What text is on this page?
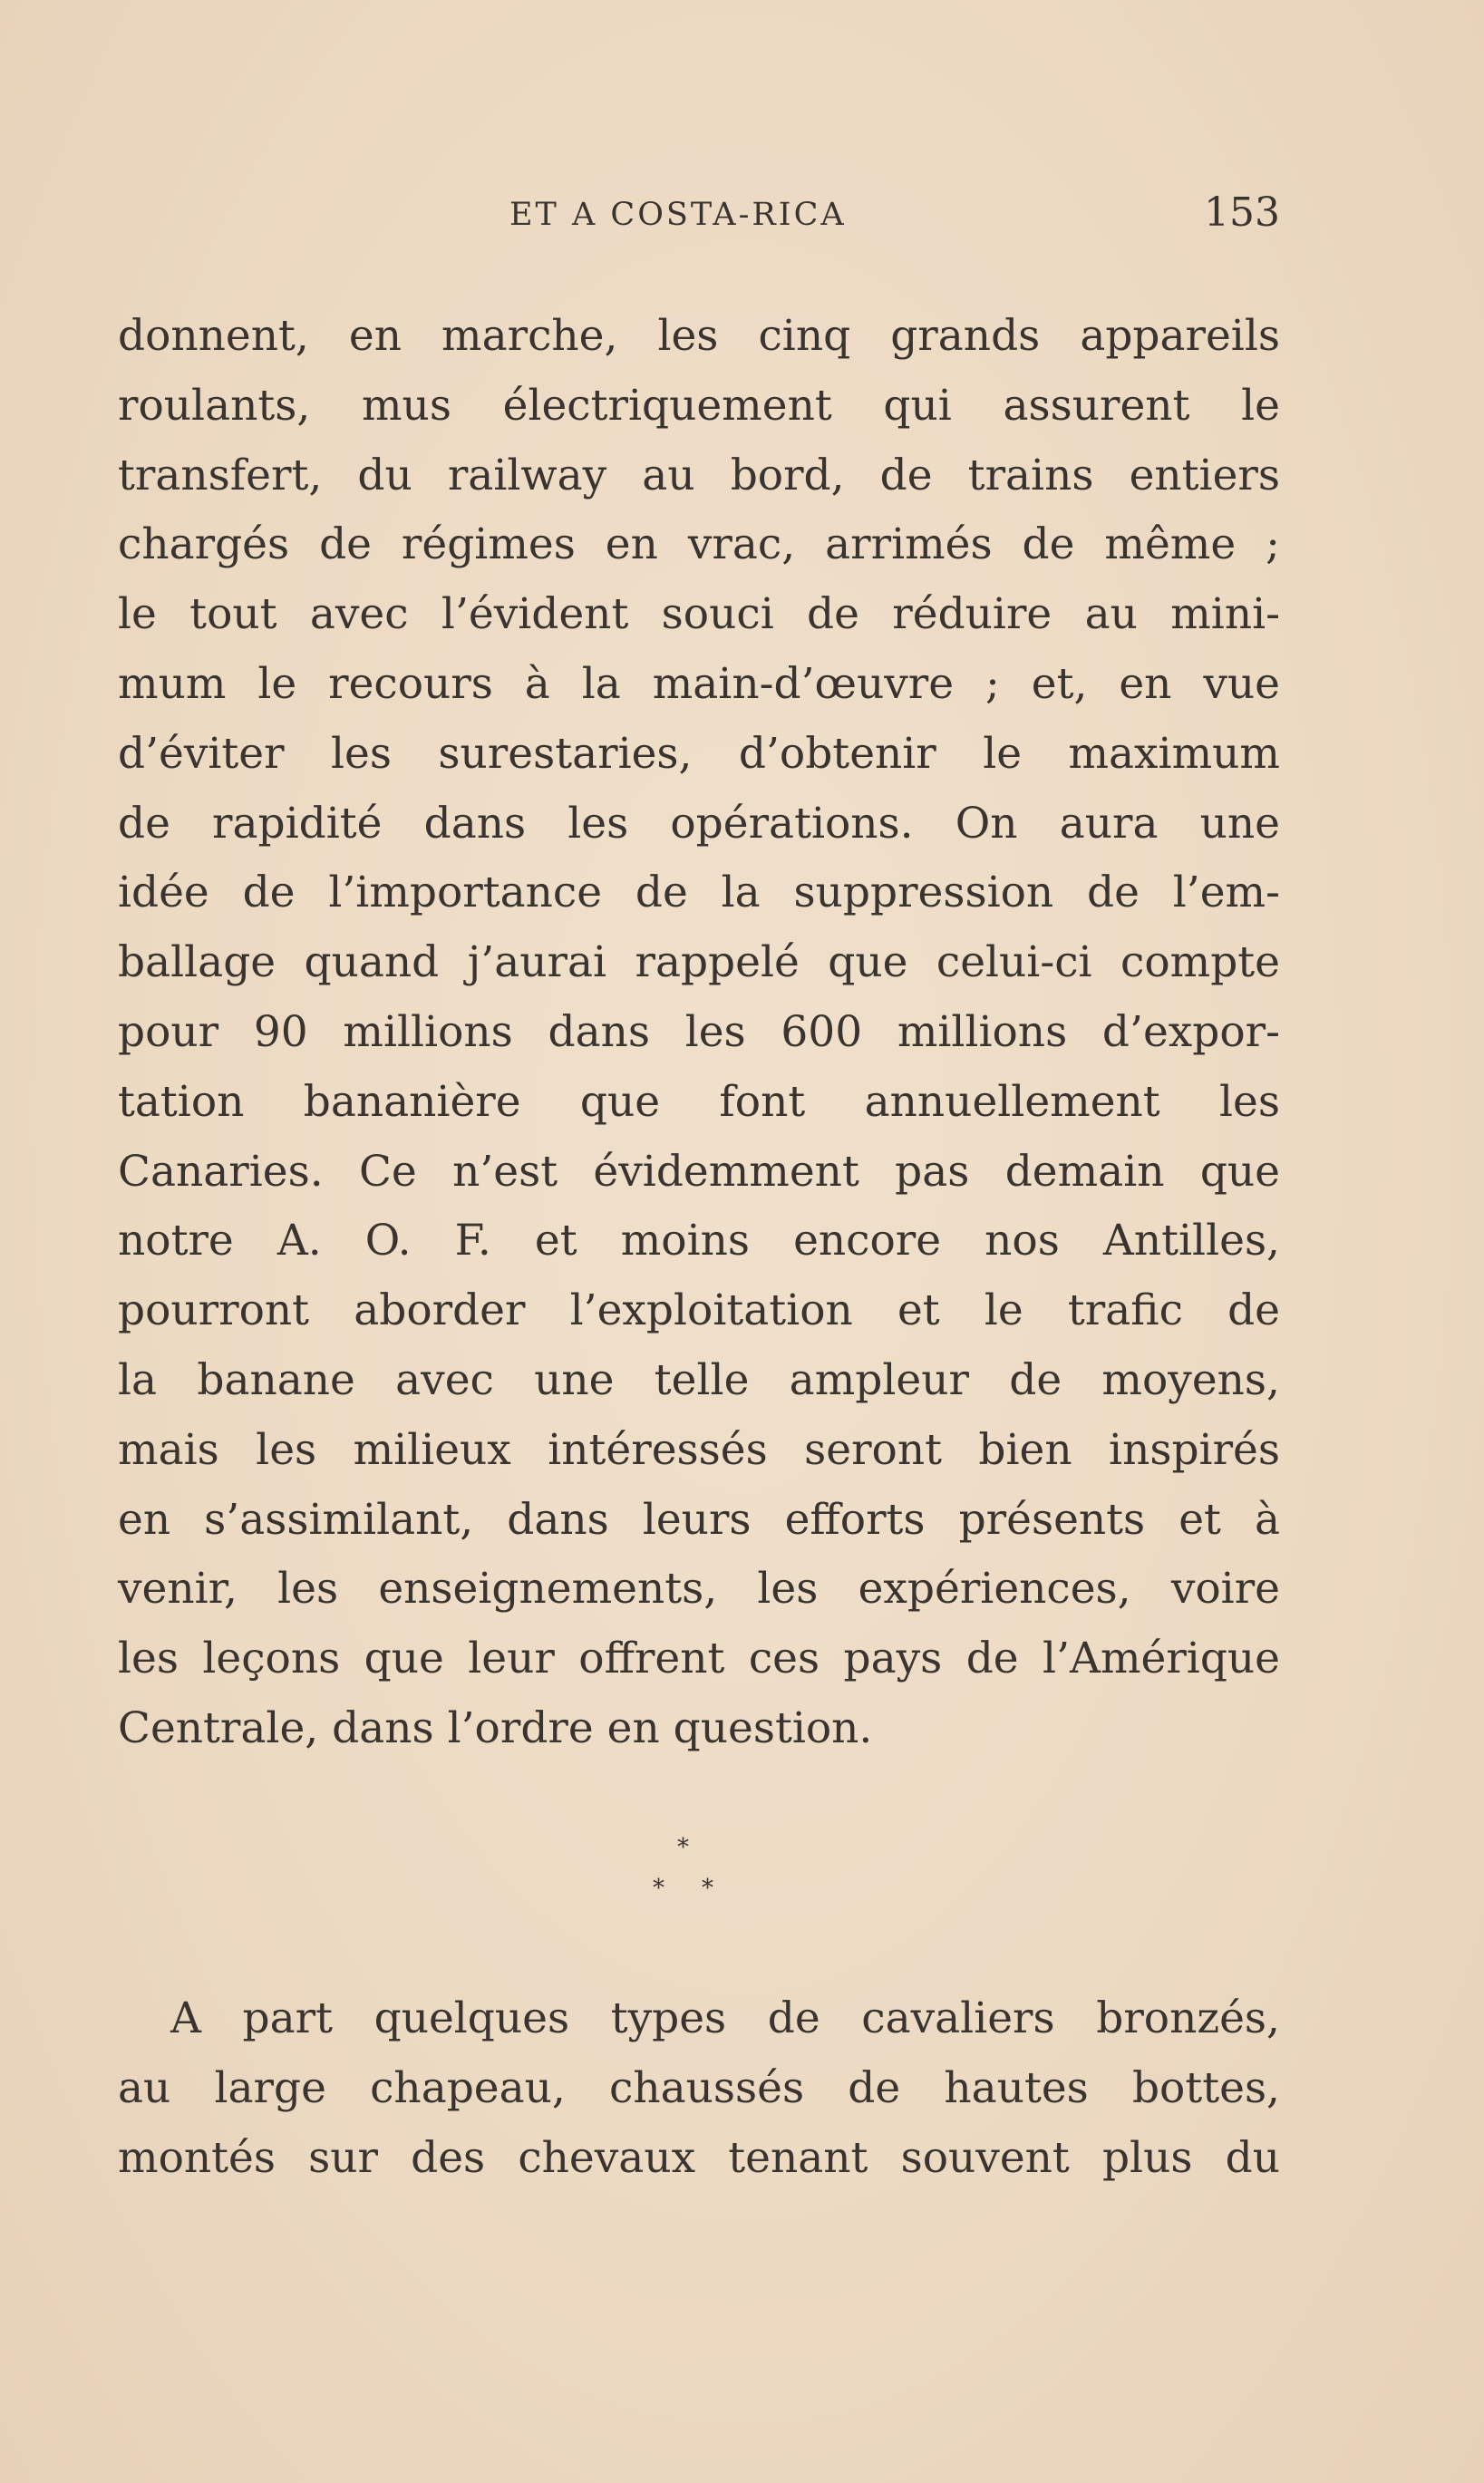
ET A COSTA-RICA	153
donnent, en marche, les cinq grands appareils
roulants, mus électriquement qui assurent le
transfert, du railway au bord, de trains entiers
chargés de régimes en vrac, arrimés de même ;
le tout avec l’évident souci de réduire au mini-
mum le recours à la main-d’œuvre ; et, en vue
d’éviter les surestaries, d’obtenir le maximum
de rapidité dans les opérations. On aura une
idée de l’importance de la suppression de l’em-
ballage quand j’aurai rappelé que celui-ci compte
pour 90 millions dans les 600 millions d’expor-
tation bananière que font annuellement les
Canaries. Ce n’est évidemment pas demain que
notre A. O. F. et moins encore nos Antilles,
pourront aborder l’exploitation et le trafic de
la banane avec une telle ampleur de moyens,
mais les milieux intéressés seront bien inspirés
en s’assimilant, dans leurs efforts présents et à
venir, les enseignements, les expériences, voire
les leçons que leur offrent ces pays de l’Amérique
Centrale, dans l’ordre en question.
*
* *
A part quelques types de cavaliers bronzés,
au large chapeau, chaussés de hautes bottes,
montés sur des chevaux tenant souvent plus du
